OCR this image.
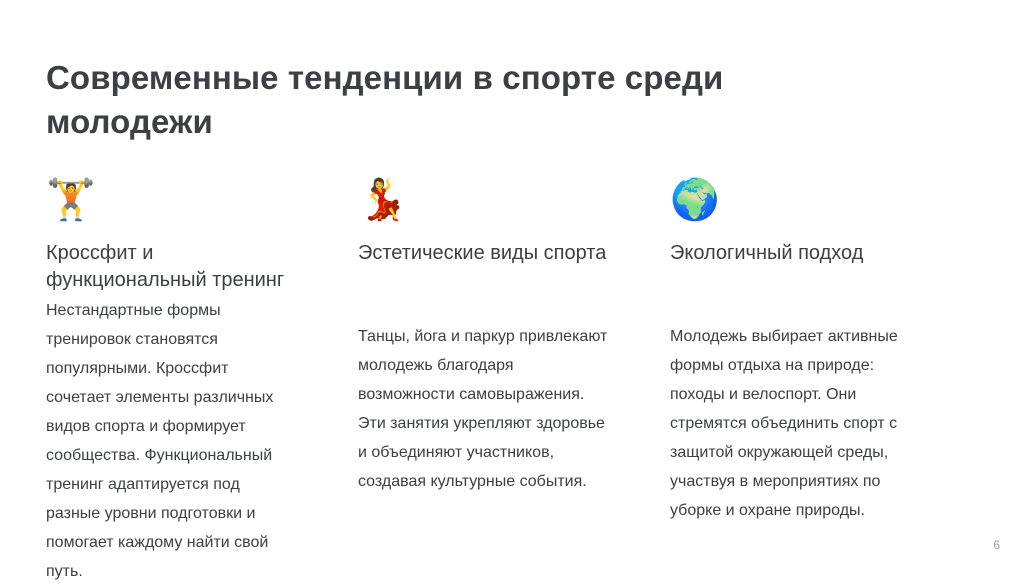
Современные тенденции в спорте среди молодежи
🏋️
Кроссфит и функциональный тренинг
Нестандартные формы тренировок становятся популярными. Кроссфит сочетает элементы различных видов спорта и формирует сообщества. Функциональный тренинг адаптируется под разные уровни подготовки и помогает каждому найти свой путь.
💃
Эстетические виды спорта
Танцы, йога и паркур привлекают молодежь благодаря возможности самовыражения. Эти занятия укрепляют здоровье и объединяют участников, создавая культурные события.
🌍
Экологичный подход
Молодежь выбирает активные формы отдыха на природе: походы и велоспорт. Они стремятся объединить спорт с защитой окружающей среды, участвуя в мероприятиях по уборке и охране природы.
6
